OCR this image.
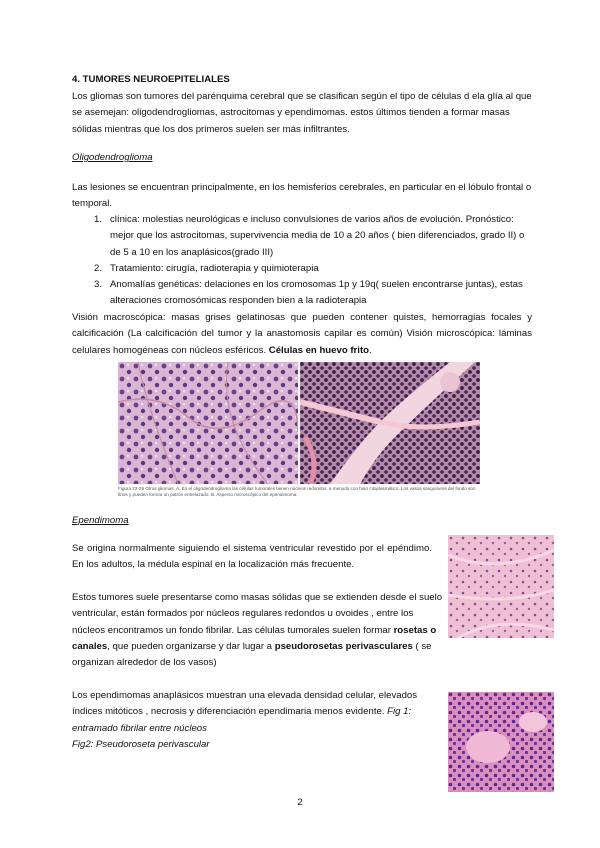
4. TUMORES NEUROEPITELIALES
Los gliomas son tumores del parénquima cerebral que se clasifican según el tipo de células d ela glía al que se asemejan: oligodendrogliomas, astrocitomas y ependimomas. estos últimos tienden a formar masas sólidas mientras que los dos primeros suelen ser más infiltrantes.
Oligodendroglioma
Las lesiones se encuentran principalmente, en los hemisferios cerebrales, en particular en el lóbulo frontal o temporal.
1. clínica: molestias neurológicas e incluso convulsiones de varios años de evolución. Pronóstico: mejor que los astrocitomas, supervivencia media de 10 a 20 años ( bien diferenciados, grado II) o de 5 a 10 en los anaplásicos(grado III)
2. Tratamiento: cirugía, radioterapia y quimioterapia
3. Anomalías genéticas: delaciones en los cromosomas 1p y 19q( suelen encontrarse juntas), estas alteraciones cromosómicas responden bien a la radioterapia
Visión macroscópica: masas grises gelatinosas que pueden contener quistes, hemorragias focales y calcificación (La calcificación del tumor y la anastomosis capilar es común) Visión microscópica: láminas celulares homogéneas con núcleos esféricos. Células en huevo frito.
Figura 22-29 Otros gliomas. A. En el oligodendroglioma las células tumorales tienen núcleos redondos, a menudo con halo citoplasmático. Los vasos sanguíneos del fondo son finos y pueden formar un patrón entrelazado. B. Aspecto microscópico del ependimoma.
Ependimoma
Se origina normalmente siguiendo el sistema ventricular revestido por el epéndimo. En los adultos, la médula espinal en la localización más frecuente.
Estos tumores suele presentarse como masas sólidas que se extienden desde el suelo ventricular, están formados por núcleos regulares redondos u ovoides , entre los núcleos encontramos un fondo fibrilar. Las células tumorales suelen formar rosetas o canales, que pueden organizarse y dar lugar a pseudorosetas perivasculares ( se organizan alrededor de los vasos)
Los ependimomas anaplásicos muestran una elevada densidad celular, elevados índices mitóticos , necrosis y diferenciación ependimaria menos evidente. Fig 1: entramado fibrilar entre núcleos
Fig2: Pseudoroseta perivascular
2
